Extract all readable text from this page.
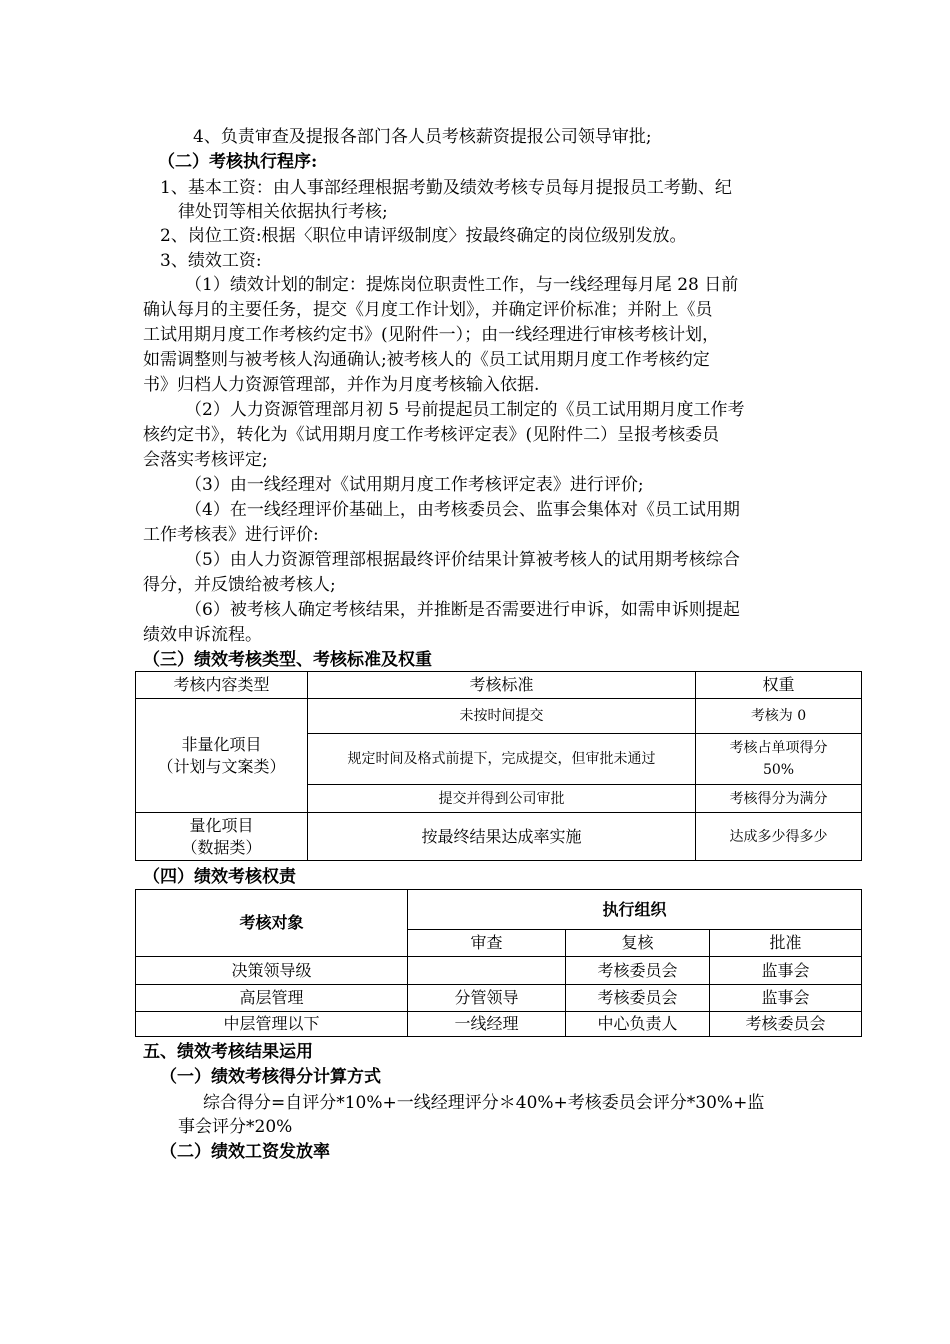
4、负责审查及提报各部门各人员考核薪资提报公司领导审批;
（二）考核执行程序:
1、基本工资：由人事部经理根据考勤及绩效考核专员每月提报员工考勤、纪
律处罚等相关依据执行考核;
2、岗位工资:根据〈职位申请评级制度〉按最终确定的岗位级别发放。
3、绩效工资:
（1）绩效计划的制定：提炼岗位职责性工作，与一线经理每月尾 28 日前
确认每月的主要任务，提交《月度工作计划》，并确定评价标准；并附上《员
工试用期月度工作考核约定书》(见附件一）；由一线经理进行审核考核计划，
如需调整则与被考核人沟通确认;被考核人的《员工试用期月度工作考核约定
书》归档人力资源管理部，并作为月度考核输入依据.
（2）人力资源管理部月初 5 号前提起员工制定的《员工试用期月度工作考
核约定书》，转化为《试用期月度工作考核评定表》(见附件二）呈报考核委员
会落实考核评定;
（3）由一线经理对《试用期月度工作考核评定表》进行评价;
（4）在一线经理评价基础上，由考核委员会、监事会集体对《员工试用期
工作考核表》进行评价:
（5）由人力资源管理部根据最终评价结果计算被考核人的试用期考核综合
得分，并反馈给被考核人;
（6）被考核人确定考核结果，并推断是否需要进行申诉，如需申诉则提起
绩效申诉流程。
（三）绩效考核类型、考核标准及权重
考核内容类型	考核标准	权重

非量化项目
（计划与文案类）	未按时间提交	考核为 0
	规定时间及格式前提下，完成提交，但审批未通过	考核占单项得分
50%

	提交并得到公司审批	考核得分为满分

量化项目
（数据类）	按最终结果达成率实施	达成多少得多少
（四）绩效考核权责
考核对象	执行组织		
	审查	复核	批准
决策领导级		考核委员会	监事会
高层管理	分管领导	考核委员会	监事会
中层管理以下	一线经理	中心负责人	考核委员会
五、绩效考核结果运用
（一）绩效考核得分计算方式
综合得分=自评分*10%+一线经理评分＊40%+考核委员会评分*30%+监
事会评分*20%
（二）绩效工资发放率
